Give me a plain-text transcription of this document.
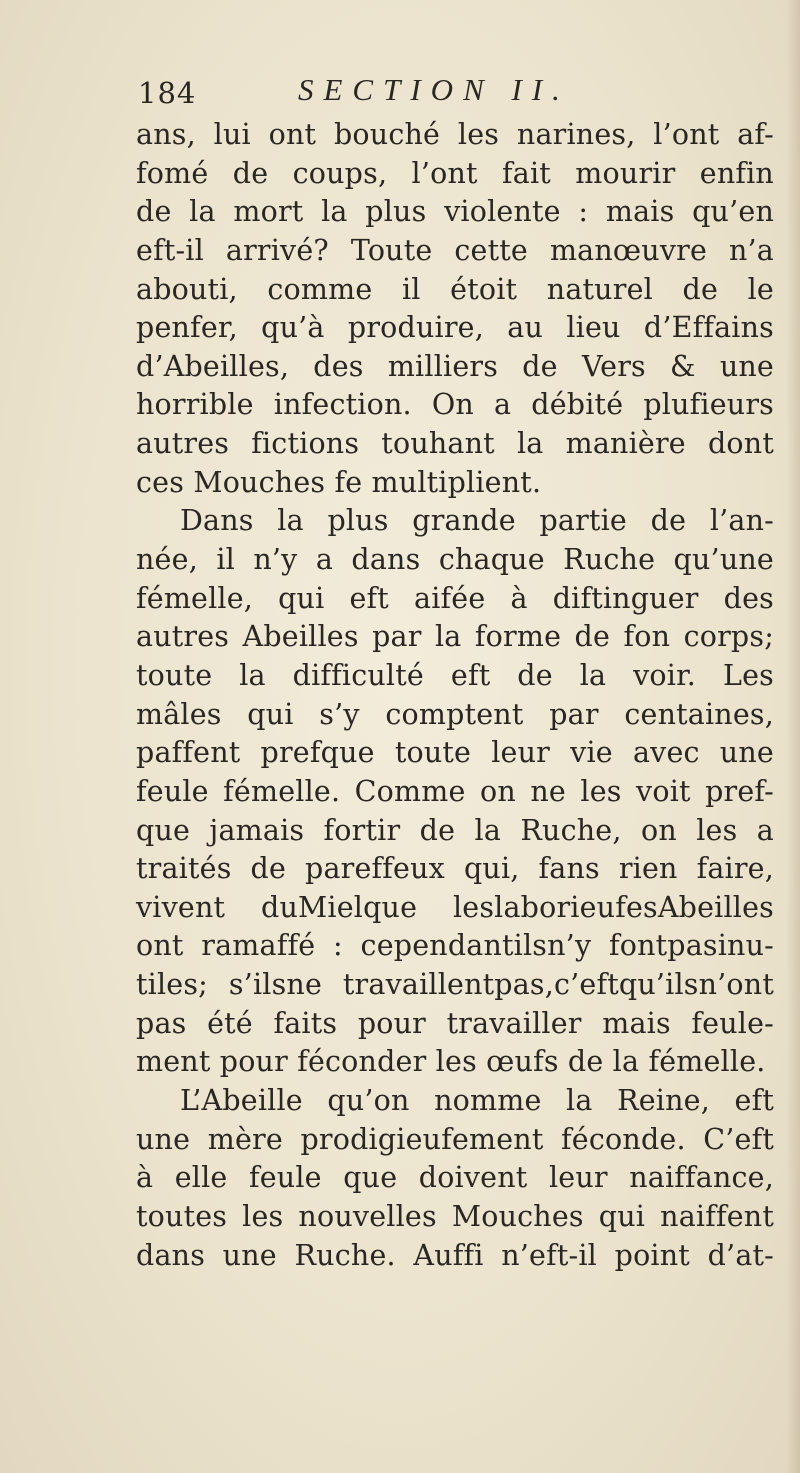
184	SECTION II.
ans, lui ont bouché les narines, l’ont af-
fomé de coups, l’ont fait mourir enfin
de la mort la plus violente : mais qu’en
eft-il arrivé? Toute cette manœuvre n’a
abouti, comme il étoit naturel de le
penfer, qu’à produire, au lieu d’Effains
d’Abeilles, des milliers de Vers & une
horrible infection. On a débité plufieurs
autres fictions touhant la manière dont
ces Mouches fe multiplient.
Dans la plus grande partie de l’an-
née, il n’y a dans chaque Ruche qu’une
fémelle, qui eft aifée à diftinguer des
autres Abeilles par la forme de fon corps;
toute la difficulté eft de la voir. Les
mâles qui s’y comptent par centaines,
paffent prefque toute leur vie avec une
feule fémelle. Comme on ne les voit pref-
que jamais fortir de la Ruche, on les a
traités de pareffeux qui, fans rien faire,
vivent duMielque leslaborieufesAbeilles
ont ramaffé : cependantilsn’y fontpasinu-
tiles; s’ilsne travaillentpas,c’eftqu’ilsn’ont
pas été faits pour travailler mais feule-
ment pour féconder les œufs de la fémelle.
L’Abeille qu’on nomme la Reine, eft
une mère prodigieufement féconde. C’eft
à elle feule que doivent leur naiffance,
toutes les nouvelles Mouches qui naiffent
dans une Ruche. Auffi n’eft-il point d’at-
